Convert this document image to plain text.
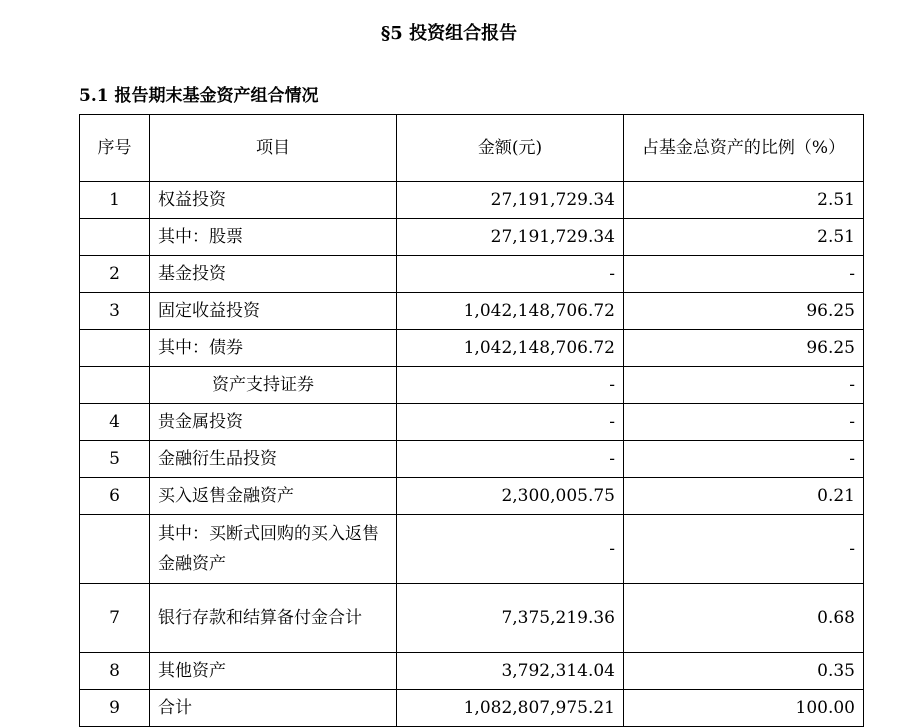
§5 投资组合报告
5.1 报告期末基金资产组合情况
序号	项目	金额(元)	占基金总资产的比例（%）
1	权益投资	27,191,729.34	2.51
	其中：股票	27,191,729.34	2.51
2	基金投资	-	-
3	固定收益投资	1,042,148,706.72	96.25
	其中：债券	1,042,148,706.72	96.25
	资产支持证券	-	-
4	贵金属投资	-	-
5	金融衍生品投资	-	-
6	买入返售金融资产	2,300,005.75	0.21
	其中：买断式回购的买入返售金融资产	-	-
7	银行存款和结算备付金合计	7,375,219.36	0.68
8	其他资产	3,792,314.04	0.35
9	合计	1,082,807,975.21	100.00
